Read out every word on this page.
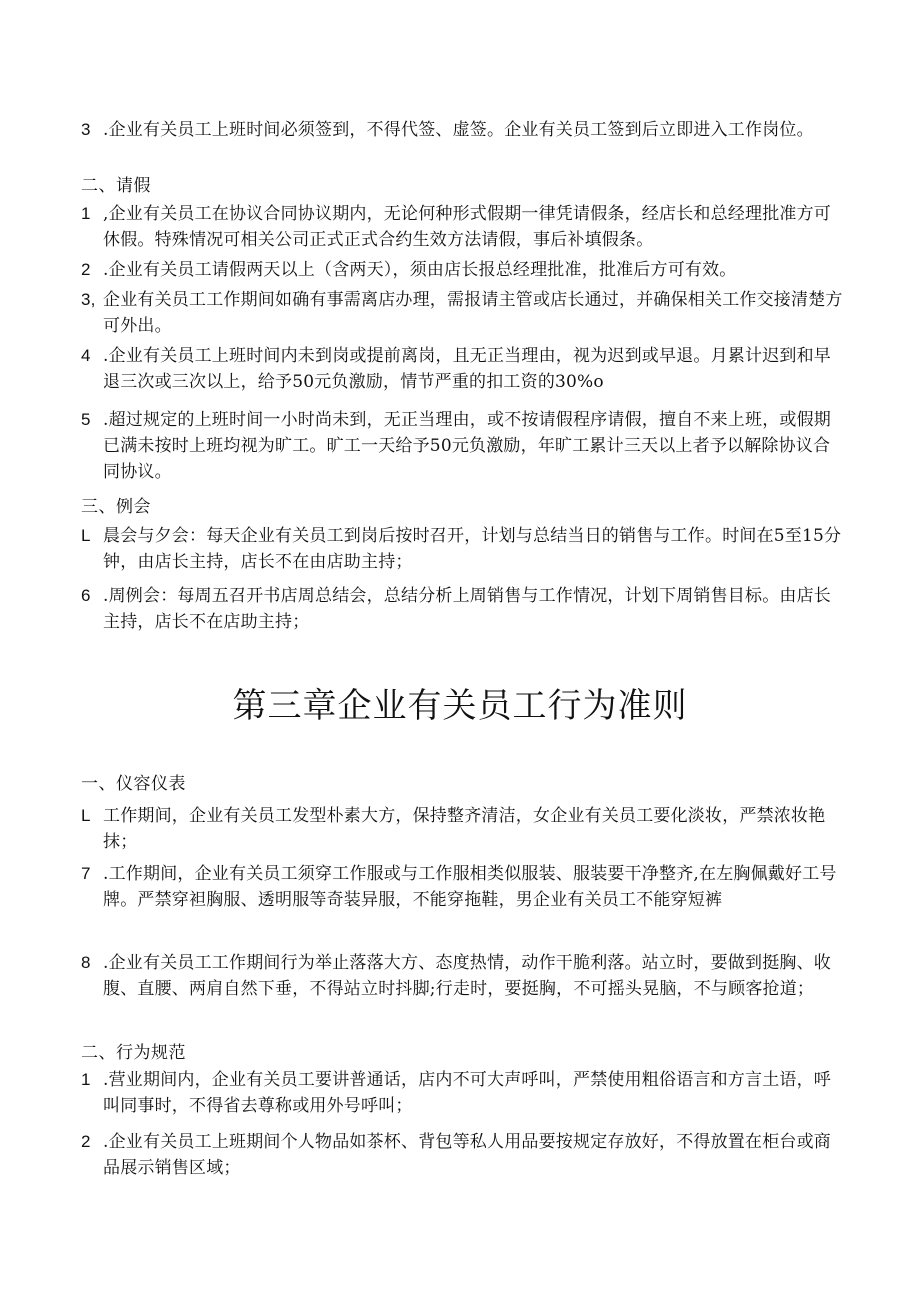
3 .企业有关员工上班时间必须签到，不得代签、虚签。企业有关员工签到后立即进入工作岗位。
二、请假
1 ,企业有关员工在协议合同协议期内，无论何种形式假期一律凭请假条，经店长和总经理批准方可休假。特殊情况可相关公司正式正式合约生效方法请假，事后补填假条。
2 .企业有关员工请假两天以上（含两天），须由店长报总经理批准，批准后方可有效。
3, 企业有关员工工作期间如确有事需离店办理，需报请主管或店长通过，并确保相关工作交接清楚方可外出。
4 .企业有关员工上班时间内未到岗或提前离岗，且无正当理由，视为迟到或早退。月累计迟到和早退三次或三次以上，给予50元负激励，情节严重的扣工资的30%o
5 .超过规定的上班时间一小时尚未到，无正当理由，或不按请假程序请假，擅自不来上班，或假期已满未按时上班均视为旷工。旷工一天给予50元负激励，年旷工累计三天以上者予以解除协议合同协议。
三、例会
L 晨会与夕会：每天企业有关员工到岗后按时召开，计划与总结当日的销售与工作。时间在5至15分钟，由店长主持，店长不在由店助主持；
6 .周例会：每周五召开书店周总结会，总结分析上周销售与工作情况，计划下周销售目标。由店长主持，店长不在店助主持；
第三章企业有关员工行为准则
一、仪容仪表
L 工作期间，企业有关员工发型朴素大方，保持整齐清洁，女企业有关员工要化淡妆，严禁浓妆艳抹；
7 .工作期间，企业有关员工须穿工作服或与工作服相类似服装、服装要干净整齐,在左胸佩戴好工号牌。严禁穿袒胸服、透明服等奇装异服，不能穿拖鞋，男企业有关员工不能穿短裤
8 .企业有关员工工作期间行为举止落落大方、态度热情，动作干脆利落。站立时，要做到挺胸、收腹、直腰、两肩自然下垂，不得站立时抖脚;行走时，要挺胸，不可摇头晃脑，不与顾客抢道；
二、行为规范
1 .营业期间内，企业有关员工要讲普通话，店内不可大声呼叫，严禁使用粗俗语言和方言土语，呼叫同事时，不得省去尊称或用外号呼叫；
2 .企业有关员工上班期间个人物品如茶杯、背包等私人用品要按规定存放好，不得放置在柜台或商品展示销售区域；
